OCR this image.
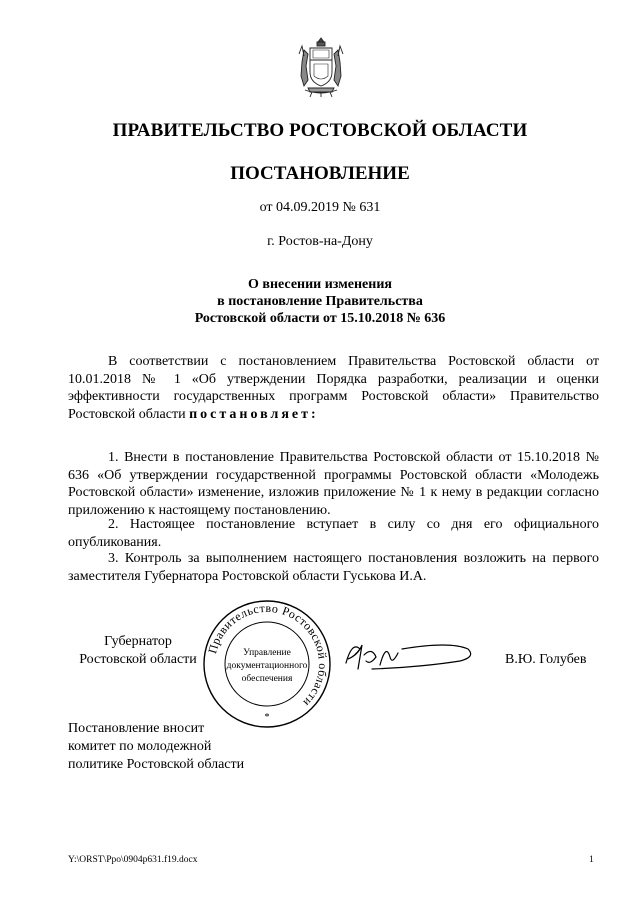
ПРАВИТЕЛЬСТВО РОСТОВСКОЙ ОБЛАСТИ
ПОСТАНОВЛЕНИЕ
от 04.09.2019 № 631
г. Ростов-на-Дону
О внесении изменения
в постановление Правительства
Ростовской области от 15.10.2018 № 636
В соответствии с постановлением Правительства Ростовской области от 10.01.2018 № 1 «Об утверждении Порядка разработки, реализации и оценки эффективности государственных программ Ростовской области» Правительство Ростовской области постановляет:
1. Внести в постановление Правительства Ростовской области от 15.10.2018 № 636 «Об утверждении государственной программы Ростовской области «Молодежь Ростовской области» изменение, изложив приложение № 1 к нему в редакции согласно приложению к настоящему постановлению.
2. Настоящее постановление вступает в силу со дня его официального опубликования.
3. Контроль за выполнением настоящего постановления возложить на первого заместителя Губернатора Ростовской области Гуськова И.А.
Губернатор
Ростовской области
Правительство Ростовской области
Управление
документационного
обеспечения
*
В.Ю. Голубев
Постановление вносит
комитет по молодежной
политике Ростовской области
Y:\ORST\Ppo\0904p631.f19.docx	1
